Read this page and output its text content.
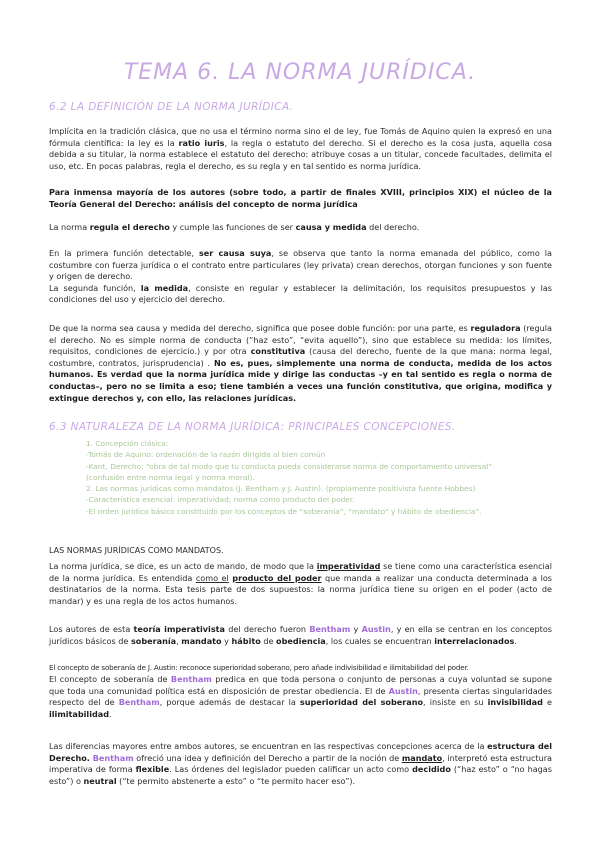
TEMA 6. LA NORMA JURÍDICA.
6.2 LA DEFINICIÓN DE LA NORMA JURÍDICA.
Implícita en la tradición clásica, que no usa el término norma sino el de ley, fue Tomás de Aquino quien la expresó en una fórmula científica: la ley es la ratio iuris, la regla o estatuto del derecho. Si el derecho es la cosa justa, aquella cosa debida a su titular, la norma establece el estatuto del derecho: atribuye cosas a un titular, concede facultades, delimita el uso, etc. En pocas palabras, regla el derecho, es su regla y en tal sentido es norma jurídica.
Para inmensa mayoría de los autores (sobre todo, a partir de finales XVIII, principios XIX) el núcleo de la Teoría General del Derecho: análisis del concepto de norma jurídica
La norma regula el derecho y cumple las funciones de ser causa y medida del derecho.
En la primera función detectable, ser causa suya, se observa que tanto la norma emanada del público, como la costumbre con fuerza jurídica o el contrato entre particulares (ley privata) crean derechos, otorgan funciones y son fuente y origen de derecho.
La segunda función, la medida, consiste en regular y establecer la delimitación, los requisitos presupuestos y las condiciones del uso y ejercicio del derecho.
De que la norma sea causa y medida del derecho, significa que posee doble función: por una parte, es reguladora (regula el derecho. No es simple norma de conducta (“haz esto”, “evita aquello”), sino que establece su medida: los límites, requisitos, condiciones de ejercicio.) y por otra constitutiva (causa del derecho, fuente de la que mana: norma legal, costumbre, contratos, jurisprudencia) . No es, pues, simplemente una norma de conducta, medida de los actos humanos. Es verdad que la norma jurídica mide y dirige las conductas –y en tal sentido es regla o norma de conductas–, pero no se limita a eso; tiene también a veces una función constitutiva, que origina, modifica y extingue derechos y, con ello, las relaciones jurídicas.
6.3 NATURALEZA DE LA NORMA JURÍDICA: PRINCIPALES CONCEPCIONES.
1. Concepción clásica:
-Tomás de Aquino: ordenación de la razón dirigida al bien común
-Kant, Derecho: “obra de tal modo que tu conducta pueda considerarse norma de comportamiento universal”
(confusión entre norma legal y norma moral).
2. Las normas jurídicas como mandatos (J. Bentham y J. Austin). (propiamente positivista fuente Hobbes)
-Característica esencial: imperatividad; norma como producto del poder.
-El orden jurídico básico constituido por los conceptos de “soberanía”, “mandato” y hábito de obediencia”.
LAS NORMAS JURÍDICAS COMO MANDATOS.
La norma jurídica, se dice, es un acto de mando, de modo que la imperatividad se tiene como una característica esencial de la norma jurídica. Es entendida como el producto del poder que manda a realizar una conducta determinada a los destinatarios de la norma. Esta tesis parte de dos supuestos: la norma jurídica tiene su origen en el poder (acto de mandar) y es una regla de los actos humanos.
Los autores de esta teoría imperativista del derecho fueron Bentham y Austin, y en ella se centran en los conceptos jurídicos básicos de soberanía, mandato y hábito de obediencia, los cuales se encuentran interrelacionados.
El concepto de soberanía de J. Austin: reconoce superioridad soberano, pero añade indivisibilidad e ilimitabilidad del poder.
El concepto de soberanía de Bentham predica en que toda persona o conjunto de personas a cuya voluntad se supone que toda una comunidad política está en disposición de prestar obediencia. El de Austin, presenta ciertas singularidades respecto del de Bentham, porque además de destacar la superioridad del soberano, insiste en su invisibilidad e ilimitabilidad.
Las diferencias mayores entre ambos autores, se encuentran en las respectivas concepciones acerca de la estructura del Derecho. Bentham ofreció una idea y definición del Derecho a partir de la noción de mandato, interpretó esta estructura imperativa de forma flexible. Las órdenes del legislador pueden calificar un acto como decidido (“haz esto” o “no hagas esto”) o neutral (“te permito abstenerte a esto” o “te permito hacer eso”).
